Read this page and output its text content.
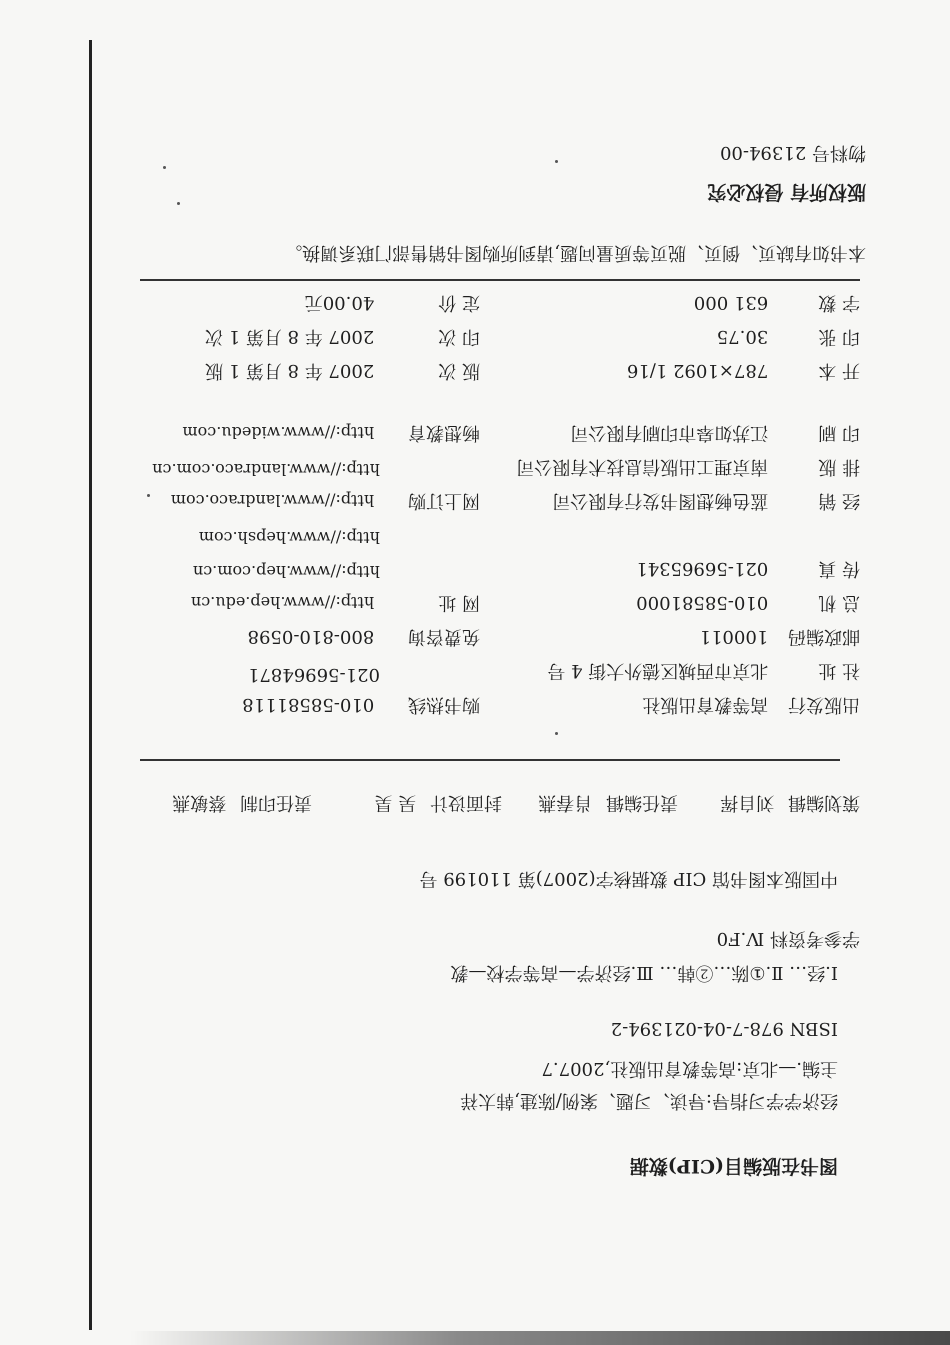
图书在版编目(CIP)数据
经济学学习指导:导读、习题、案例/陈建,韩太祥
主编.—北京:高等教育出版社,2007.7
ISBN 978-7-04-021394-2
Ⅰ.经… Ⅱ.①陈…②韩… Ⅲ.经济学—高等学校—教
学参考资料 Ⅳ.F0
中国版本图书馆 CIP 数据核字(2007)第 110199 号
策划编辑 刘自挥
责任编辑 肖春燕
封面设计 吴 昊
责任印制 蔡敏燕
出版发行 高等教育出版社
社 址 北京市西城区德外大街 4 号
邮政编码 100011
总 机 010-58581000
传 真 021-56965341
经 销 蓝色畅想图书发行有限公司
排 版 南京理工出版信息技术有限公司
印 刷 江苏如皋市印刷有限公司
购书热线 010-58581118
021-56964871
免费咨询 800-810-0598
网 址 http://www.hep.edu.cn
http://www.hep.com.cn
http://www.hepsh.com
网上订购 http://www.landraco.com
http://www.landraco.com.cn
畅想教育 http://www.widedu.com
开 本 787×1092 1/16
印 张 30.75
字 数 631 000
版 次 2007 年 8 月第 1 版
印 次 2007 年 8 月第 1 次
定 价 40.00元
本书如有缺页、倒页、脱页等质量问题,请到所购图书销售部门联系调换。
版权所有 侵权必究
物料号 21394-00
